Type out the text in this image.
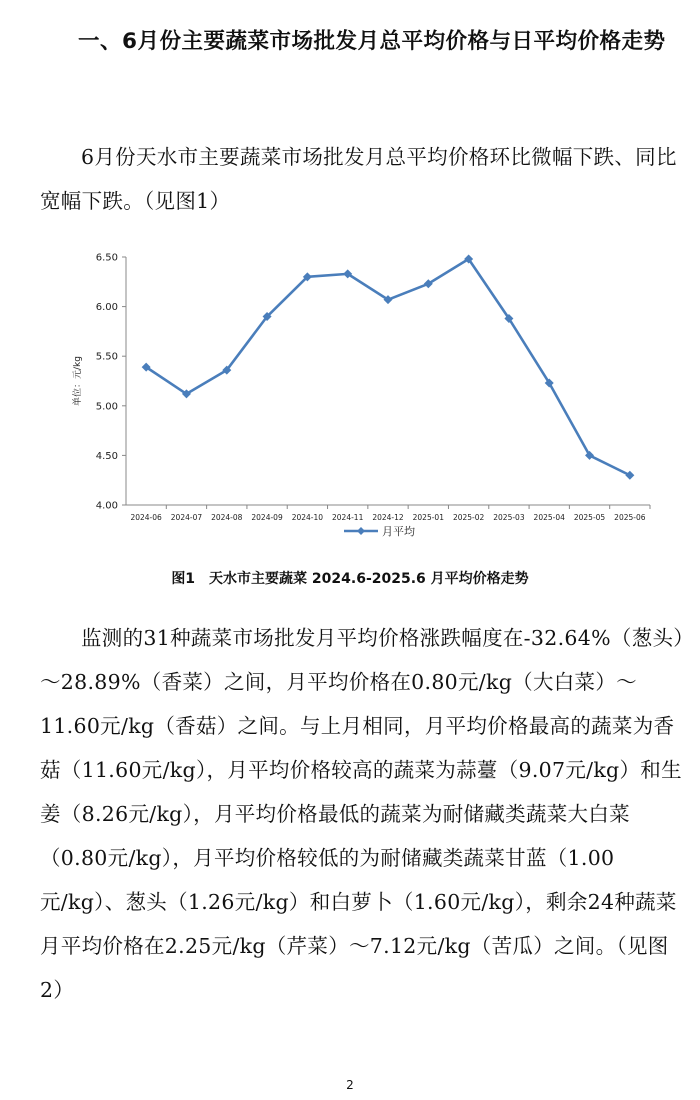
一、6月份主要蔬菜市场批发月总平均价格与日平均价格走势
6月份天水市主要蔬菜市场批发月总平均价格环比微幅下跌、同比宽幅下跌。（见图1）
4.00
4.50
5.00
5.50
6.00
6.50
2024-06 2024-07 2024-08 2024-09 2024-10 2024-11 2024-12 2025-01 2025-02 2025-03 2025-04 2025-05 2025-06
单位：元/kg
月平均
图1　天水市主要蔬菜 2024.6-2025.6 月平均价格走势
监测的31种蔬菜市场批发月平均价格涨跌幅度在-32.64%（葱头）～28.89%（香菜）之间，月平均价格在0.80元/kg（大白菜）～11.60元/kg（香菇）之间。与上月相同，月平均价格最高的蔬菜为香菇（11.60元/kg），月平均价格较高的蔬菜为蒜薹（9.07元/kg）和生姜（8.26元/kg），月平均价格最低的蔬菜为耐储藏类蔬菜大白菜（0.80元/kg），月平均价格较低的为耐储藏类蔬菜甘蓝（1.00元/kg）、葱头（1.26元/kg）和白萝卜（1.60元/kg），剩余24种蔬菜月平均价格在2.25元/kg（芹菜）～7.12元/kg（苦瓜）之间。（见图2）
2
